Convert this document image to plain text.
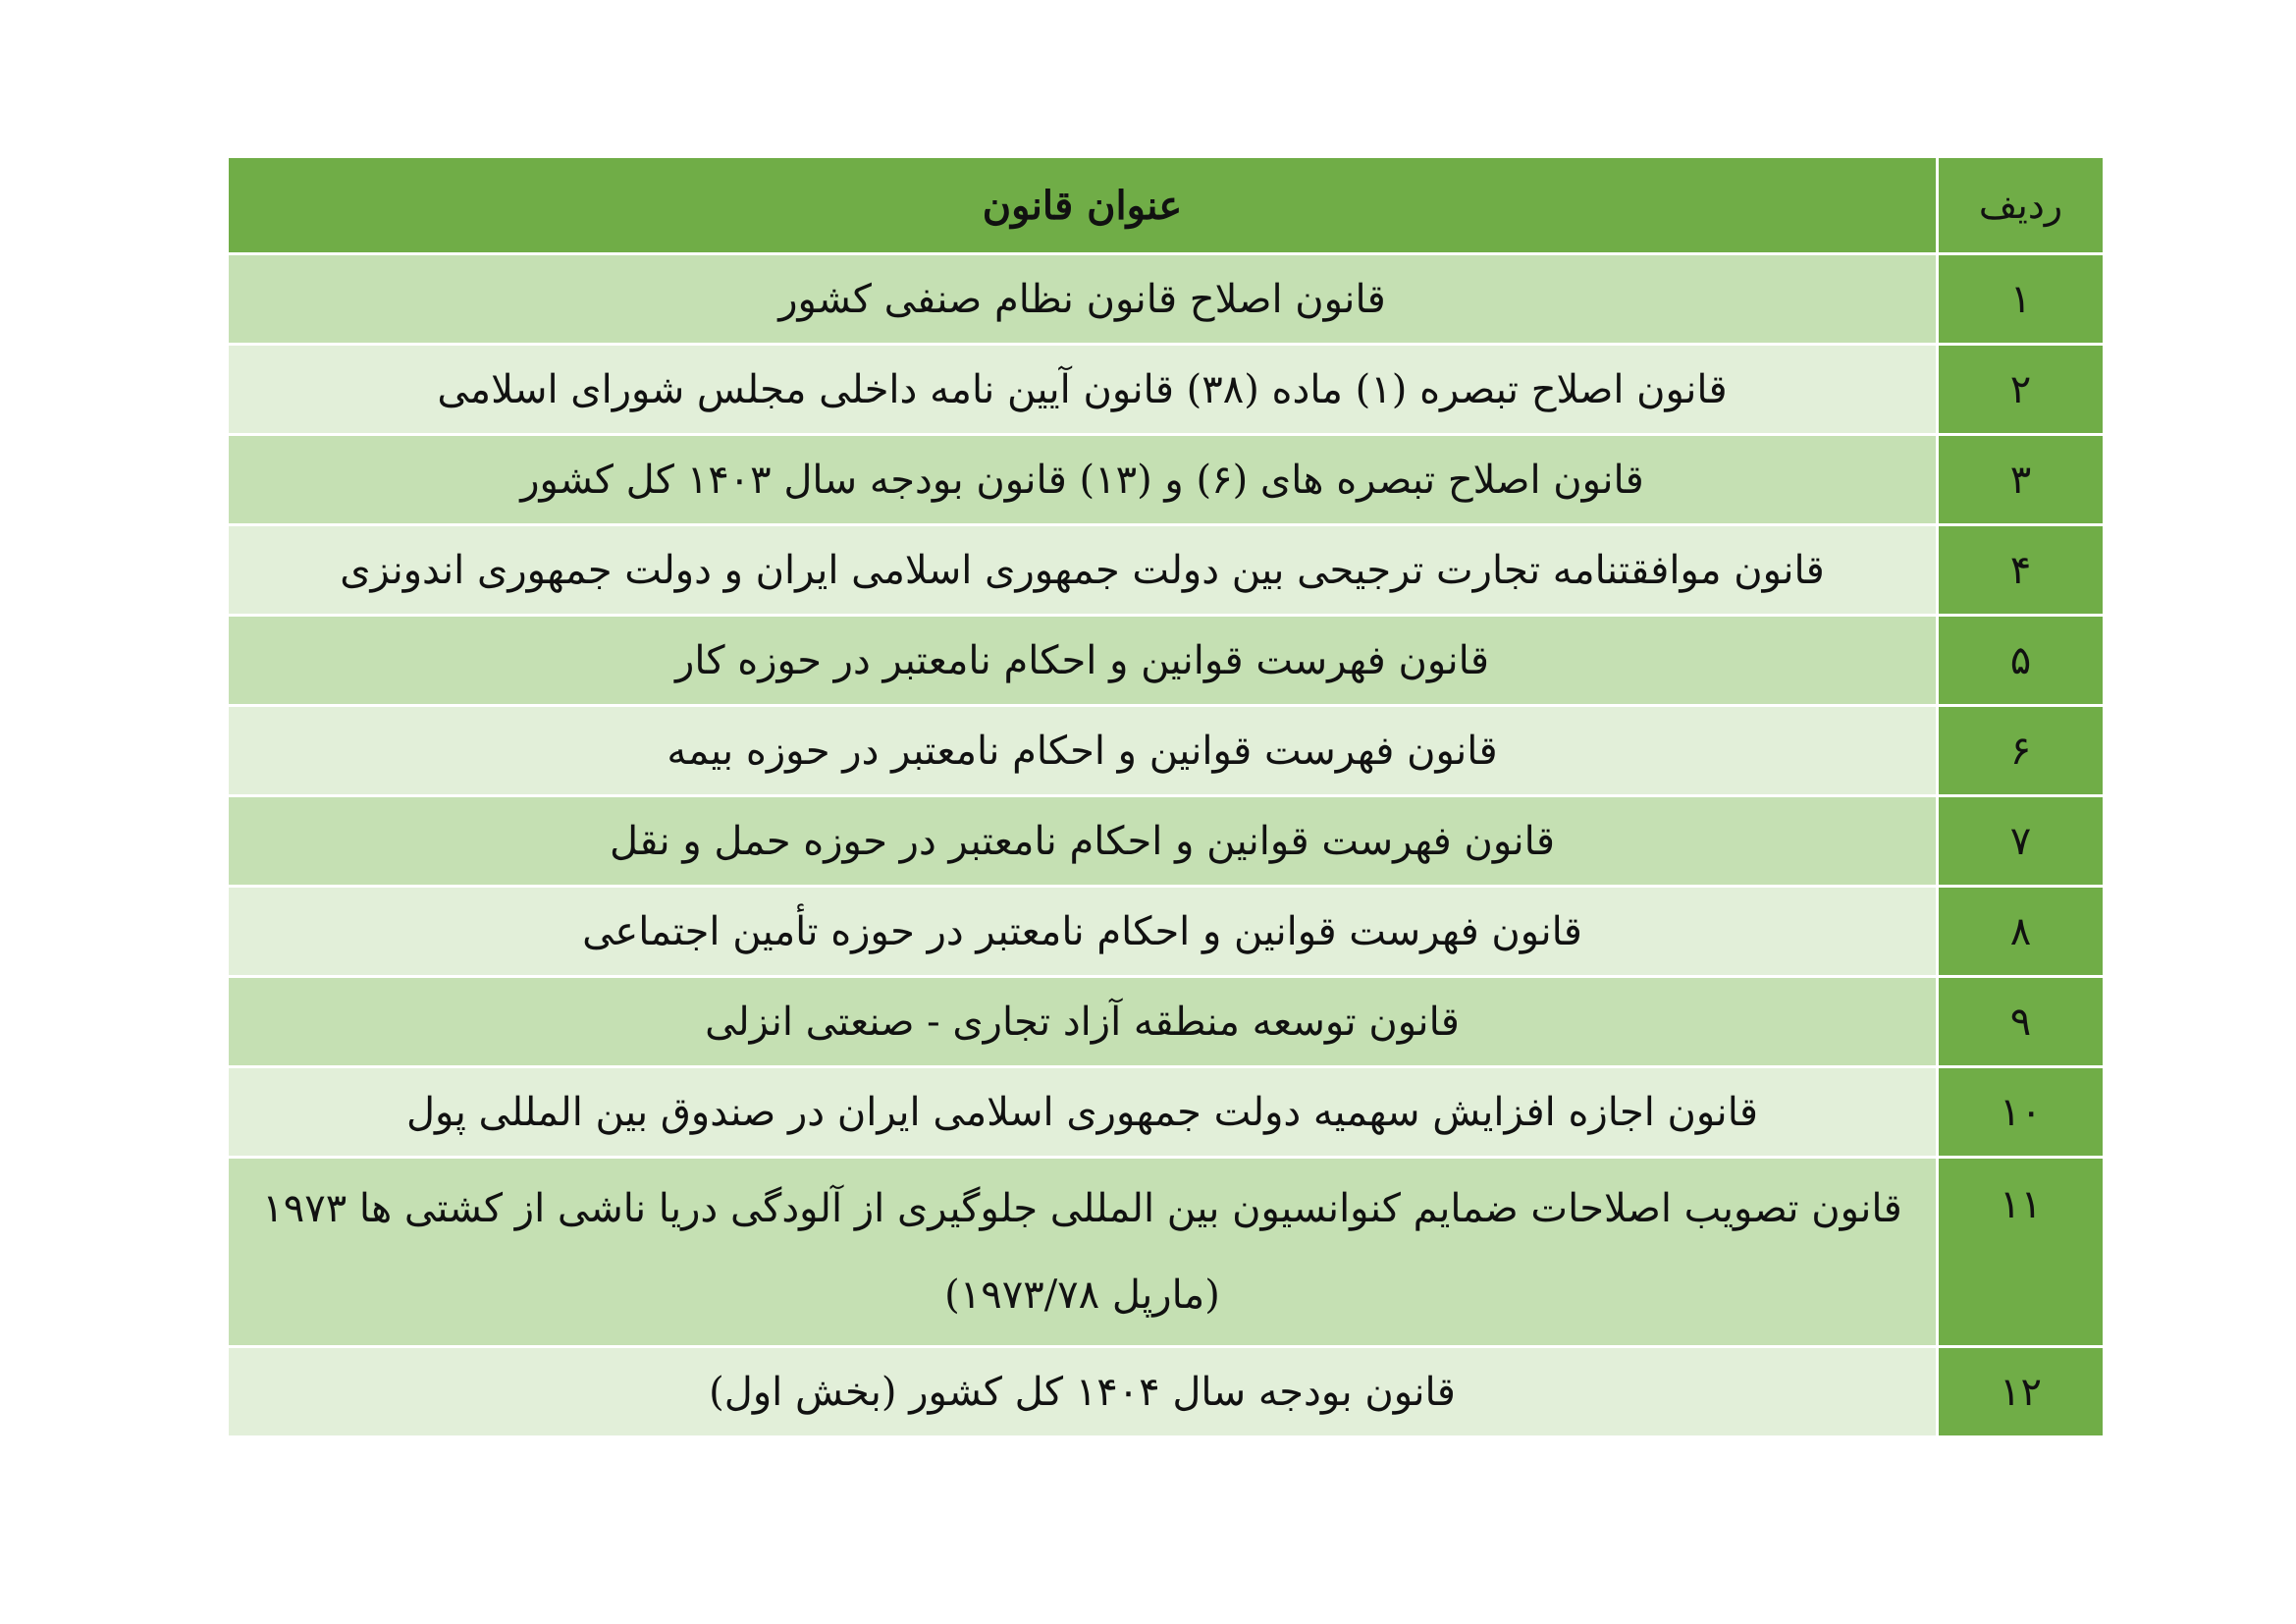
ردیف	عنوان قانون
۱	قانون اصلاح قانون نظام صنفی کشور
۲	قانون اصلاح تبصره (۱) ماده (۳۸) قانون آیین نامه داخلی مجلس شورای اسلامی
۳	قانون اصلاح تبصره های (۶) و (۱۳) قانون بودجه سال ۱۴۰۳ کل کشور
۴	قانون موافقتنامه تجارت ترجیحی بین دولت جمهوری اسلامی ایران و دولت جمهوری اندونزی
۵	قانون فهرست قوانین و احکام نامعتبر در حوزه کار
۶	قانون فهرست قوانین و احکام نامعتبر در حوزه بیمه
۷	قانون فهرست قوانین و احکام نامعتبر در حوزه حمل و نقل
۸	قانون فهرست قوانین و احکام نامعتبر در حوزه تأمین اجتماعی
۹	قانون توسعه منطقه آزاد تجاری - صنعتی انزلی
۱۰	قانون اجازه افزایش سهمیه دولت جمهوری اسلامی ایران در صندوق بین المللی پول
۱۱	قانون تصویب اصلاحات ضمایم کنوانسیون بین المللی جلوگیری از آلودگی دریا ناشی از کشتی ها ۱۹۷۳ (مارپل ۱۹۷۳/۷۸)
۱۲	قانون بودجه سال ۱۴۰۴ کل کشور (بخش اول)
